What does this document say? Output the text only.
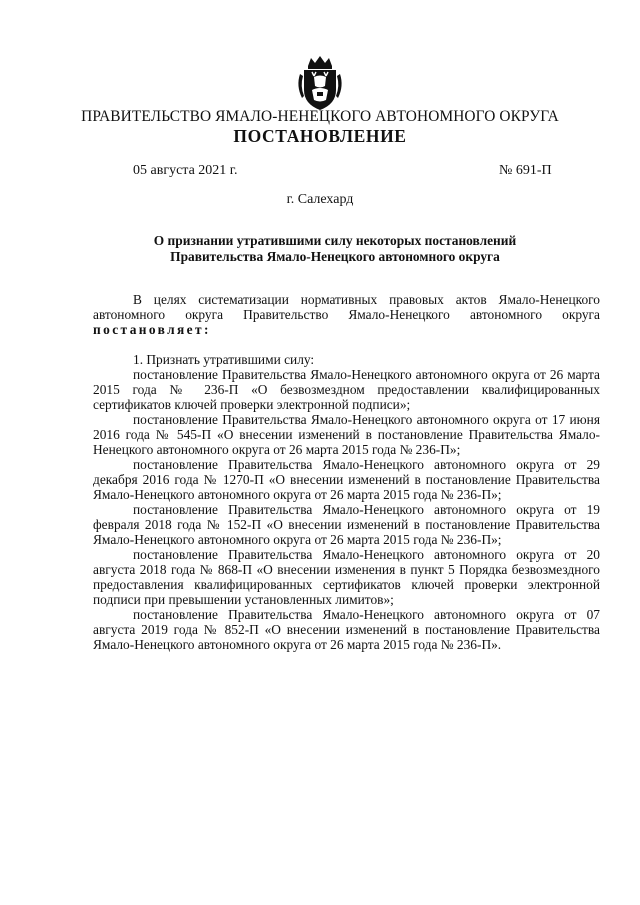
ПРАВИТЕЛЬСТВО ЯМАЛО-НЕНЕЦКОГО АВТОНОМНОГО ОКРУГА
ПОСТАНОВЛЕНИЕ
05 августа 2021 г.	№ 691-П
г. Салехард
О признании утратившими силу некоторых постановлений
Правительства Ямало-Ненецкого автономного округа

В целях систематизации нормативных правовых актов Ямало-Ненецкого автономного округа Правительство Ямало-Ненецкого автономного округа постановляет:

1. Признать утратившими силу:

постановление Правительства Ямало-Ненецкого автономного округа от 26 марта 2015 года № 236-П «О безвозмездном предоставлении квалифицированных сертификатов ключей проверки электронной подписи»;

постановление Правительства Ямало-Ненецкого автономного округа от 17 июня 2016 года № 545-П «О внесении изменений в постановление Правительства Ямало-Ненецкого автономного округа от 26 марта 2015 года № 236-П»;

постановление Правительства Ямало-Ненецкого автономного округа от 29 декабря 2016 года № 1270-П «О внесении изменений в постановление Правительства Ямало-Ненецкого автономного округа от 26 марта 2015 года № 236-П»;

постановление Правительства Ямало-Ненецкого автономного округа от 19 февраля 2018 года № 152-П «О внесении изменений в постановление Правительства Ямало-Ненецкого автономного округа от 26 марта 2015 года № 236-П»;

постановление Правительства Ямало-Ненецкого автономного округа от 20 августа 2018 года № 868-П «О внесении изменения в пункт 5 Порядка безвозмездного предоставления квалифицированных сертификатов ключей проверки электронной подписи при превышении установленных лимитов»;

постановление Правительства Ямало-Ненецкого автономного округа от 07 августа 2019 года № 852-П «О внесении изменений в постановление Правительства Ямало-Ненецкого автономного округа от 26 марта 2015 года № 236-П».
